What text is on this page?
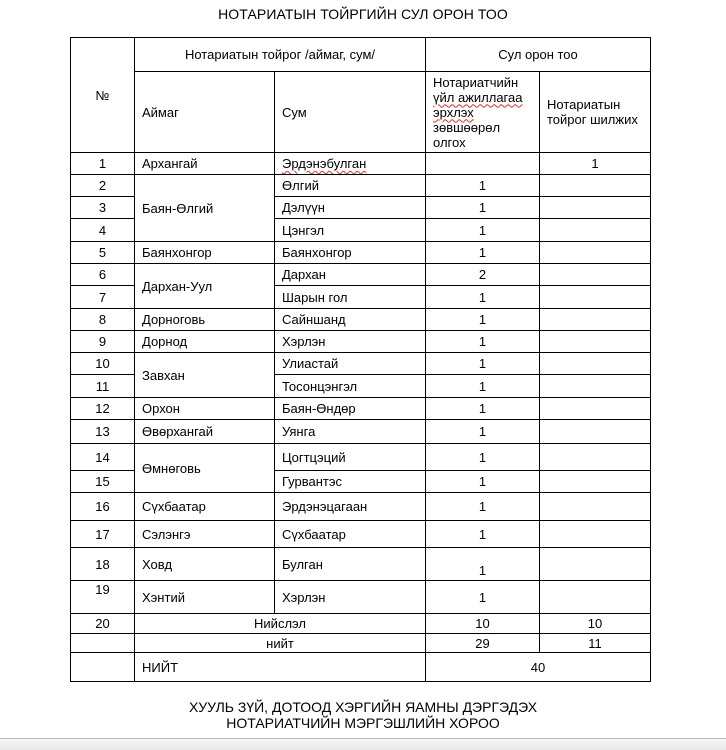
НОТАРИАТЫН ТОЙРГИЙН СУЛ ОРОН ТОО
№	Нотариатын тойрог /аймаг, сум/		Сул орон тоо	
	Аймаг	Сум	Нотариатчийн
үйл ажиллагаа
эрхлэх
зөвшөөрөл
олгох	Нотариатын
тойрог шилжих
1	Архангай	Эрдэнэбулган		1
2	Баян-Өлгий	Өлгий	1	
3		Дэлүүн	1	
4		Цэнгэл	1	
5	Баянхонгор	Баянхонгор	1	
6	Дархан-Уул	Дархан	2	
7		Шарын гол	1	
8	Дорноговь	Сайншанд	1	
9	Дорнод	Хэрлэн	1	
10	Завхан	Улиастай	1	
11		Тосонцэнгэл	1	
12	Орхон	Баян-Өндөр	1	
13	Өвөрхангай	Уянга	1	
14	Өмнөговь	Цогтцэций	1	
15		Гурвантэс	1	
16	Сүхбаатар	Эрдэнэцагаан	1	
17	Сэлэнгэ	Сүхбаатар	1	
18	Ховд	Булган	1	
19	Хэнтий	Хэрлэн	1	
20	Нийслэл		10	10
	нийт		29	11
	НИЙТ		40	
ХУУЛЬ ЗҮЙ, ДОТООД ХЭРГИЙН ЯАМНЫ ДЭРГЭДЭХ
НОТАРИАТЧИЙН МЭРГЭШЛИЙН ХОРОО
